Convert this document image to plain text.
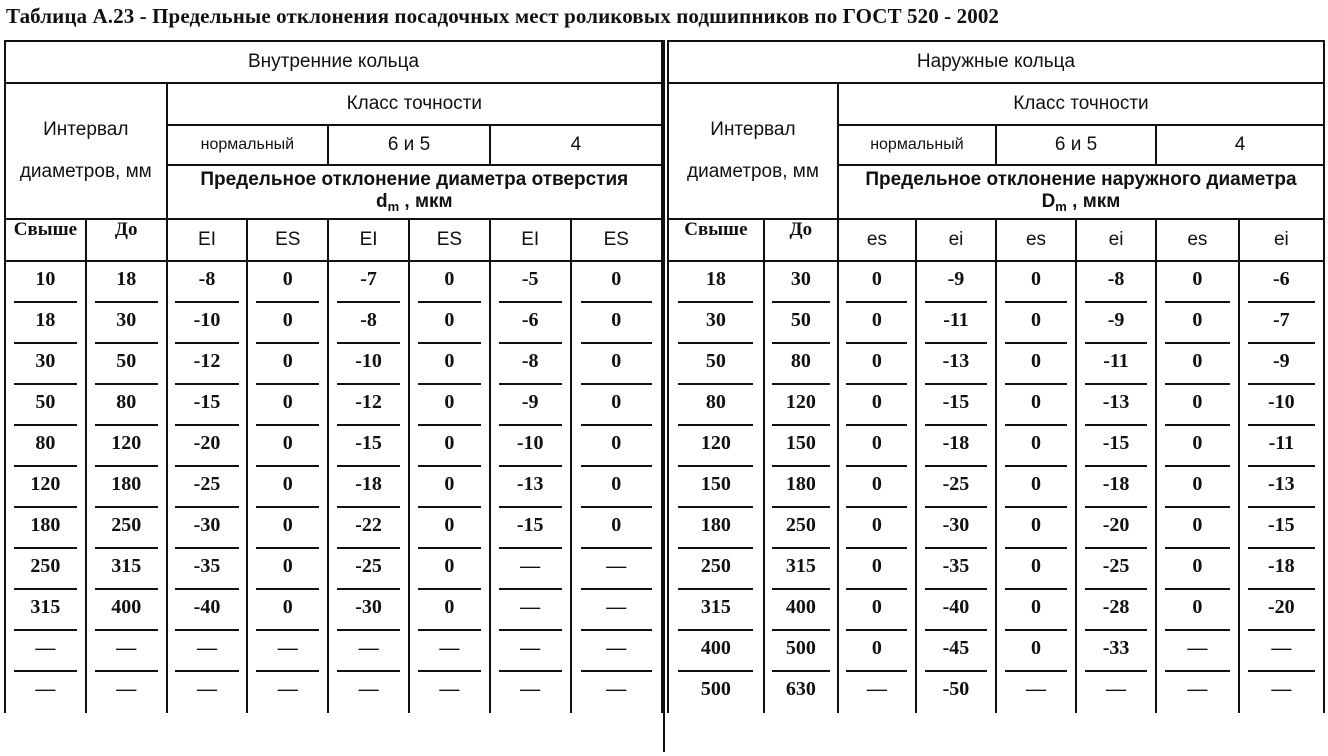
Таблица А.23 - Предельные отклонения посадочных мест роликовых подшипников по ГОСТ 520 - 2002
Внутренние кольца							
Интервал
диаметров, мм		Класс точности					
		нормальный		6 и 5		4	
		Предельное отклонение диаметра отверстия
$d_m$ , мкм					
Свыше	До	EI	ES	EI	ES	EI	ES
10	18	-8	0	-7	0	-5	0
18	30	-10	0	-8	0	-6	0
30	50	-12	0	-10	0	-8	0
50	80	-15	0	-12	0	-9	0
80	120	-20	0	-15	0	-10	0
120	180	-25	0	-18	0	-13	0
180	250	-30	0	-22	0	-15	0
250	315	-35	0	-25	0	—	—
315	400	-40	0	-30	0	—	—
—	—	—	—	—	—	—	—
—	—	—	—	—	—	—	—
Наружные кольца							
Интервал
диаметров, мм		Класс точности					
		нормальный		6 и 5		4	
		Предельное отклонение наружного диаметра
$D_m$ , мкм					
Свыше	До	es	ei	es	ei	es	ei
18	30	0	-9	0	-8	0	-6
30	50	0	-11	0	-9	0	-7
50	80	0	-13	0	-11	0	-9
80	120	0	-15	0	-13	0	-10
120	150	0	-18	0	-15	0	-11
150	180	0	-25	0	-18	0	-13
180	250	0	-30	0	-20	0	-15
250	315	0	-35	0	-25	0	-18
315	400	0	-40	0	-28	0	-20
400	500	0	-45	0	-33	—	—
500	630	—	-50	—	—	—	—
